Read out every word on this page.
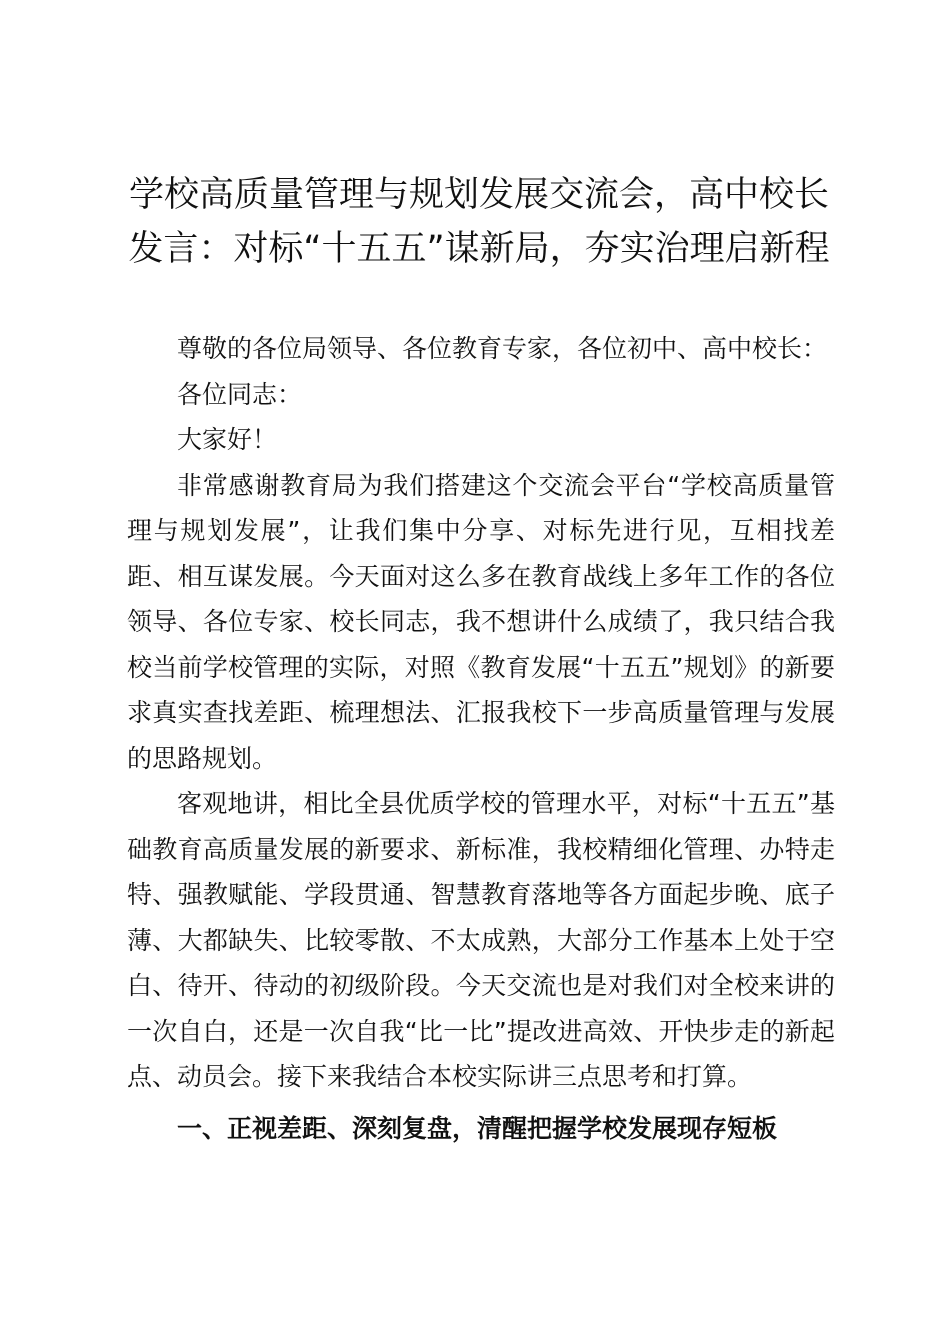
学校高质量管理与规划发展交流会，高中校长发言：对标“十五五”谋新局，夯实治理启新程

尊敬的各位局领导、各位教育专家，各位初中、高中校长：

各位同志：

大家好！

非常感谢教育局为我们搭建这个交流会平台“学校高质量管理与规划发展”，让我们集中分享、对标先进行见，互相找差距、相互谋发展。今天面对这么多在教育战线上多年工作的各位领导、各位专家、校长同志，我不想讲什么成绩了，我只结合我校当前学校管理的实际，对照《教育发展“十五五”规划》的新要求真实查找差距、梳理想法、汇报我校下一步高质量管理与发展的思路规划。

客观地讲，相比全县优质学校的管理水平，对标“十五五”基础教育高质量发展的新要求、新标准，我校精细化管理、办特走特、强教赋能、学段贯通、智慧教育落地等各方面起步晚、底子薄、大都缺失、比较零散、不太成熟，大部分工作基本上处于空白、待开、待动的初级阶段。今天交流也是对我们对全校来讲的一次自白，还是一次自我“比一比”提改进高效、开快步走的新起点、动员会。接下来我结合本校实际讲三点思考和打算。

一、正视差距、深刻复盘，清醒把握学校发展现存短板
